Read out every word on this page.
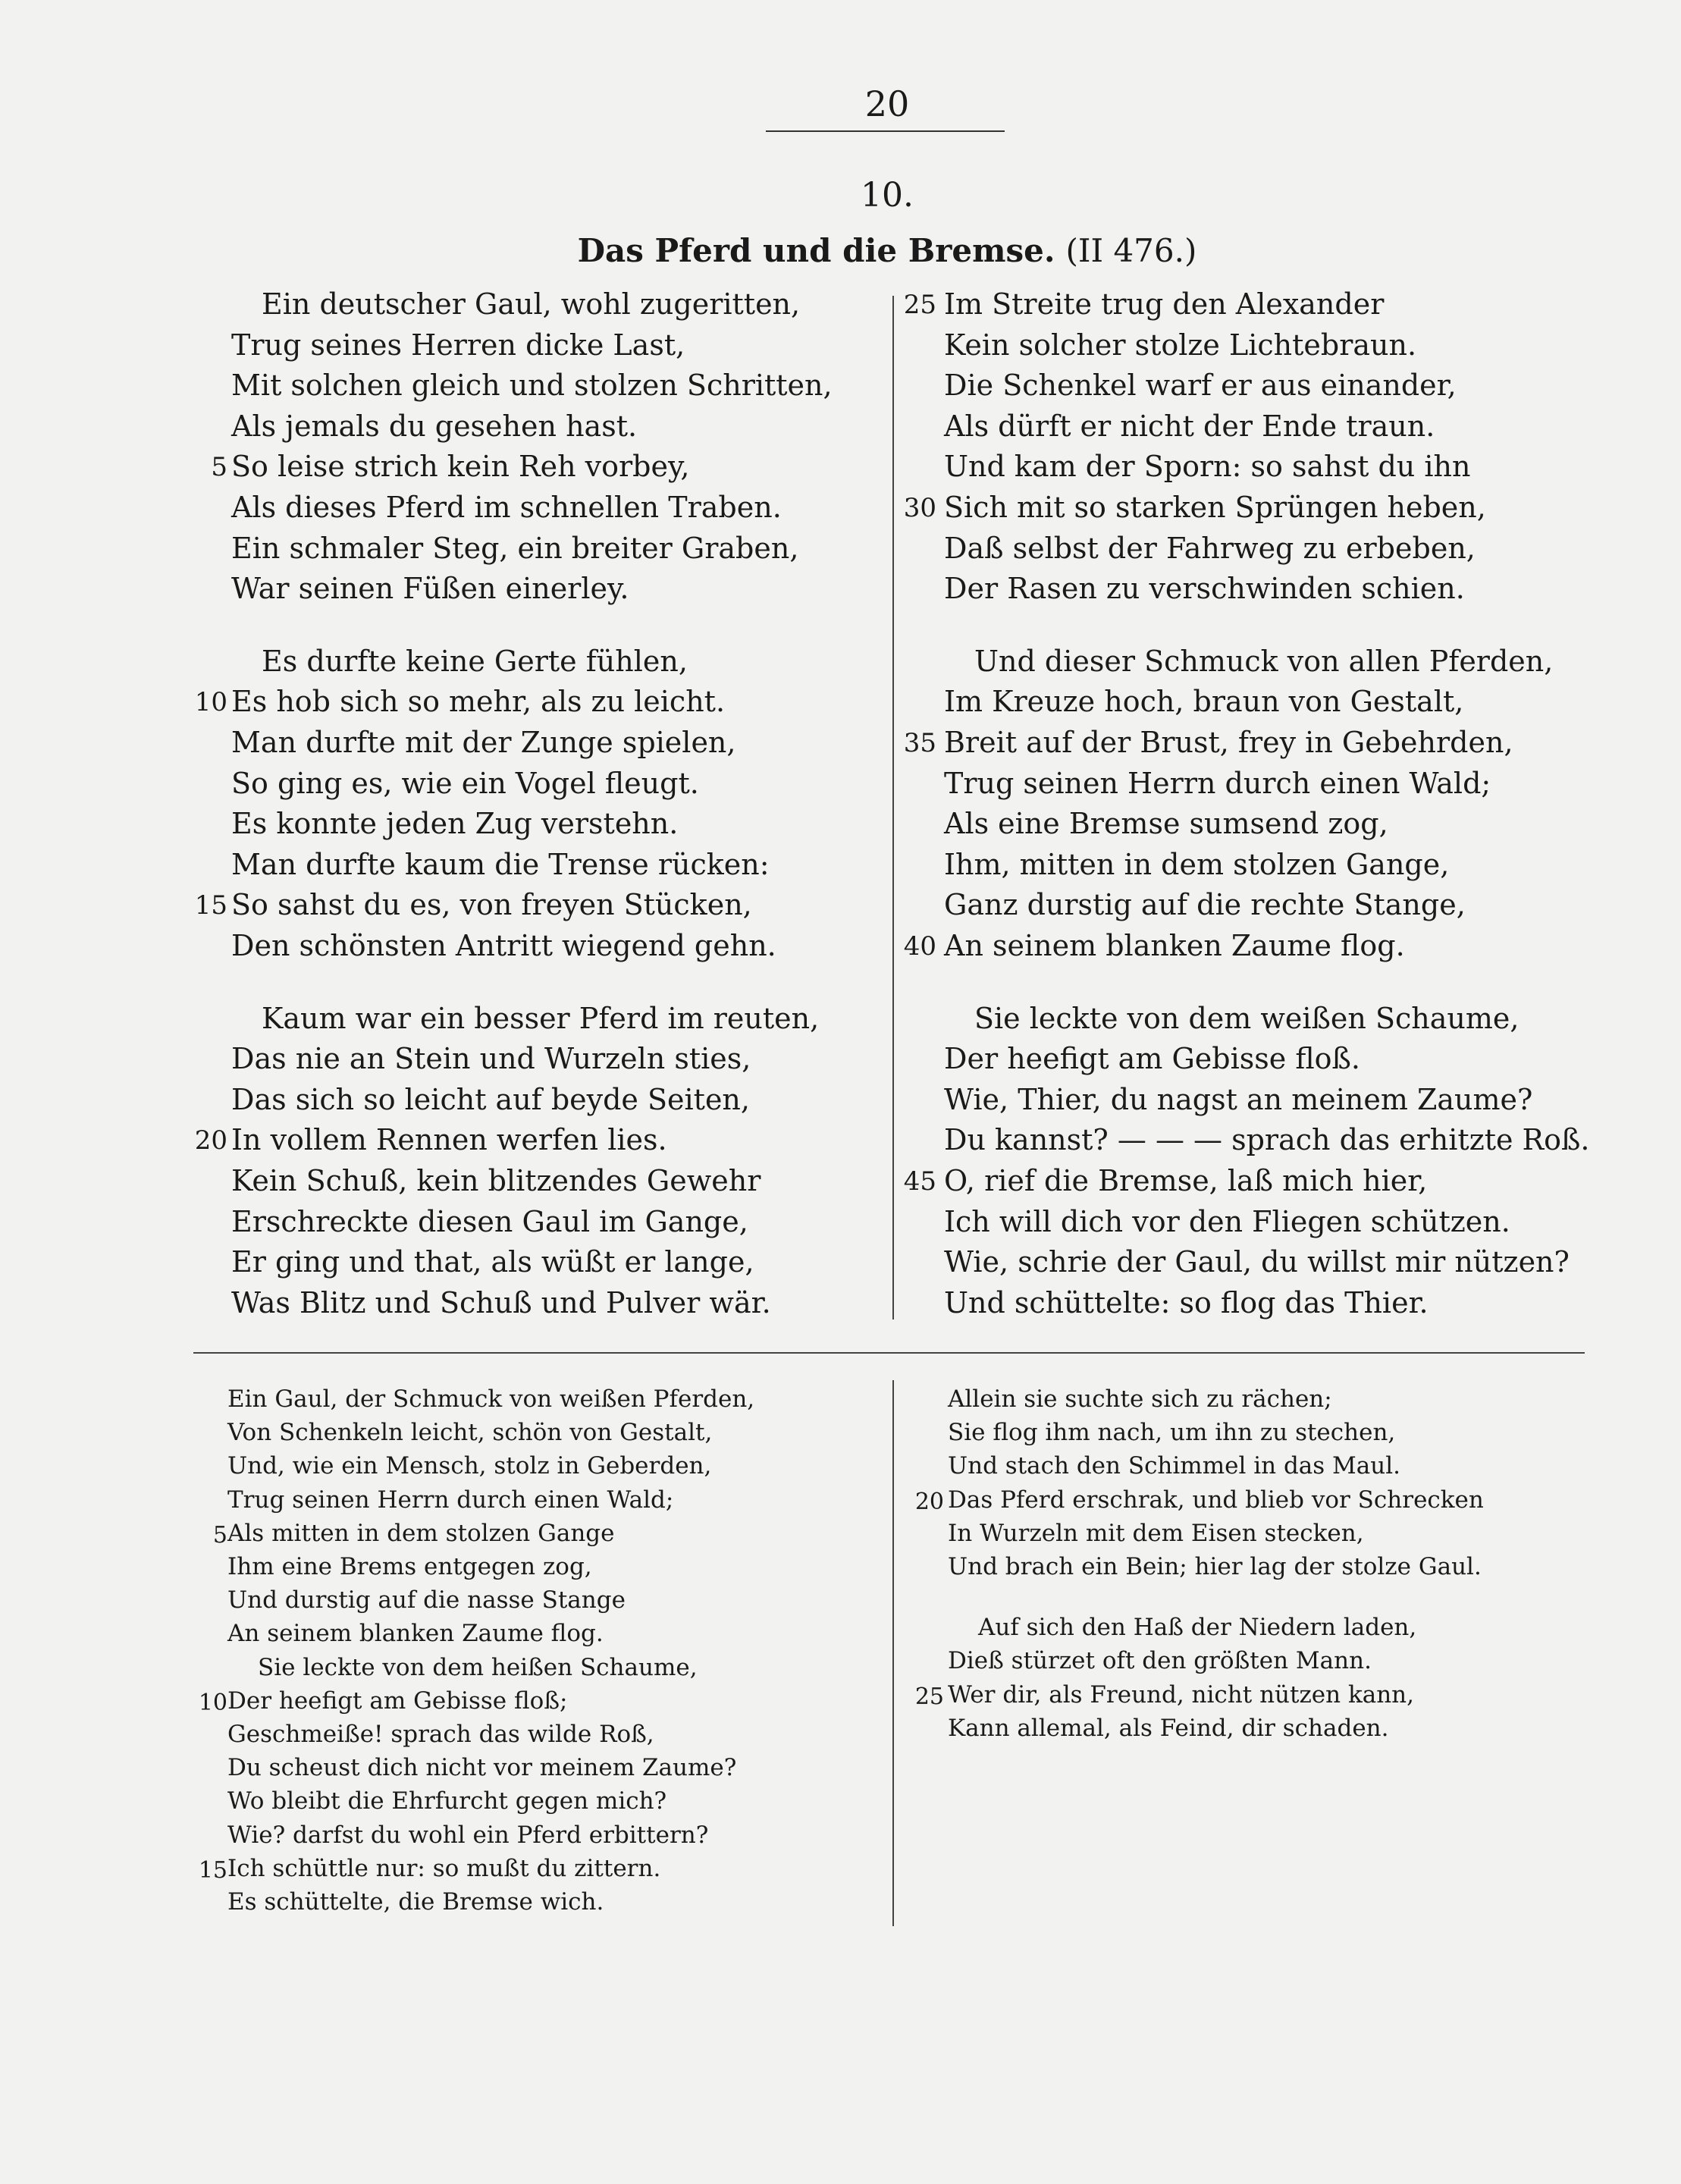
20
10.
Das Pferd und die Bremse. (II 476.)
Ein deutscher Gaul, wohl zugeritten,
Trug seines Herren dicke Last,
Mit solchen gleich und stolzen Schritten,
Als jemals du gesehen hast.
5 So leise strich kein Reh vorbey,
Als dieses Pferd im schnellen Traben.
Ein schmaler Steg, ein breiter Graben,
War seinen Füßen einerley.
Es durfte keine Gerte fühlen,
10 Es hob sich so mehr, als zu leicht.
Man durfte mit der Zunge spielen,
So ging es, wie ein Vogel fleugt.
Es konnte jeden Zug verstehn.
Man durfte kaum die Trense rücken:
15 So sahst du es, von freyen Stücken,
Den schönsten Antritt wiegend gehn.
Kaum war ein besser Pferd im reuten,
Das nie an Stein und Wurzeln sties,
Das sich so leicht auf beyde Seiten,
20 In vollem Rennen werfen lies.
Kein Schuß, kein blitzendes Gewehr
Erschreckte diesen Gaul im Gange,
Er ging und that, als wüßt er lange,
Was Blitz und Schuß und Pulver wär.
25 Im Streite trug den Alexander
Kein solcher stolze Lichtebraun.
Die Schenkel warf er aus einander,
Als dürft er nicht der Ende traun.
Und kam der Sporn: so sahst du ihn
30 Sich mit so starken Sprüngen heben,
Daß selbst der Fahrweg zu erbeben,
Der Rasen zu verschwinden schien.
Und dieser Schmuck von allen Pferden,
Im Kreuze hoch, braun von Gestalt,
35 Breit auf der Brust, frey in Gebehrden,
Trug seinen Herrn durch einen Wald;
Als eine Bremse sumsend zog,
Ihm, mitten in dem stolzen Gange,
Ganz durstig auf die rechte Stange,
40 An seinem blanken Zaume flog.
Sie leckte von dem weißen Schaume,
Der heefigt am Gebisse floß.
Wie, Thier, du nagst an meinem Zaume?
Du kannst? — — — sprach das erhitzte Roß.
45 O, rief die Bremse, laß mich hier,
Ich will dich vor den Fliegen schützen.
Wie, schrie der Gaul, du willst mir nützen?
Und schüttelte: so flog das Thier.
Ein Gaul, der Schmuck von weißen Pferden,
Von Schenkeln leicht, schön von Gestalt,
Und, wie ein Mensch, stolz in Geberden,
Trug seinen Herrn durch einen Wald;
5 Als mitten in dem stolzen Gange
Ihm eine Brems entgegen zog,
Und durstig auf die nasse Stange
An seinem blanken Zaume flog.
Sie leckte von dem heißen Schaume,
10 Der heefigt am Gebisse floß;
Geschmeiße! sprach das wilde Roß,
Du scheust dich nicht vor meinem Zaume?
Wo bleibt die Ehrfurcht gegen mich?
Wie? darfst du wohl ein Pferd erbittern?
15 Ich schüttle nur: so mußt du zittern.
Es schüttelte, die Bremse wich.
Allein sie suchte sich zu rächen;
Sie flog ihm nach, um ihn zu stechen,
Und stach den Schimmel in das Maul.
20 Das Pferd erschrak, und blieb vor Schrecken
In Wurzeln mit dem Eisen stecken,
Und brach ein Bein; hier lag der stolze Gaul.
Auf sich den Haß der Niedern laden,
Dieß stürzet oft den größten Mann.
25 Wer dir, als Freund, nicht nützen kann,
Kann allemal, als Feind, dir schaden.
